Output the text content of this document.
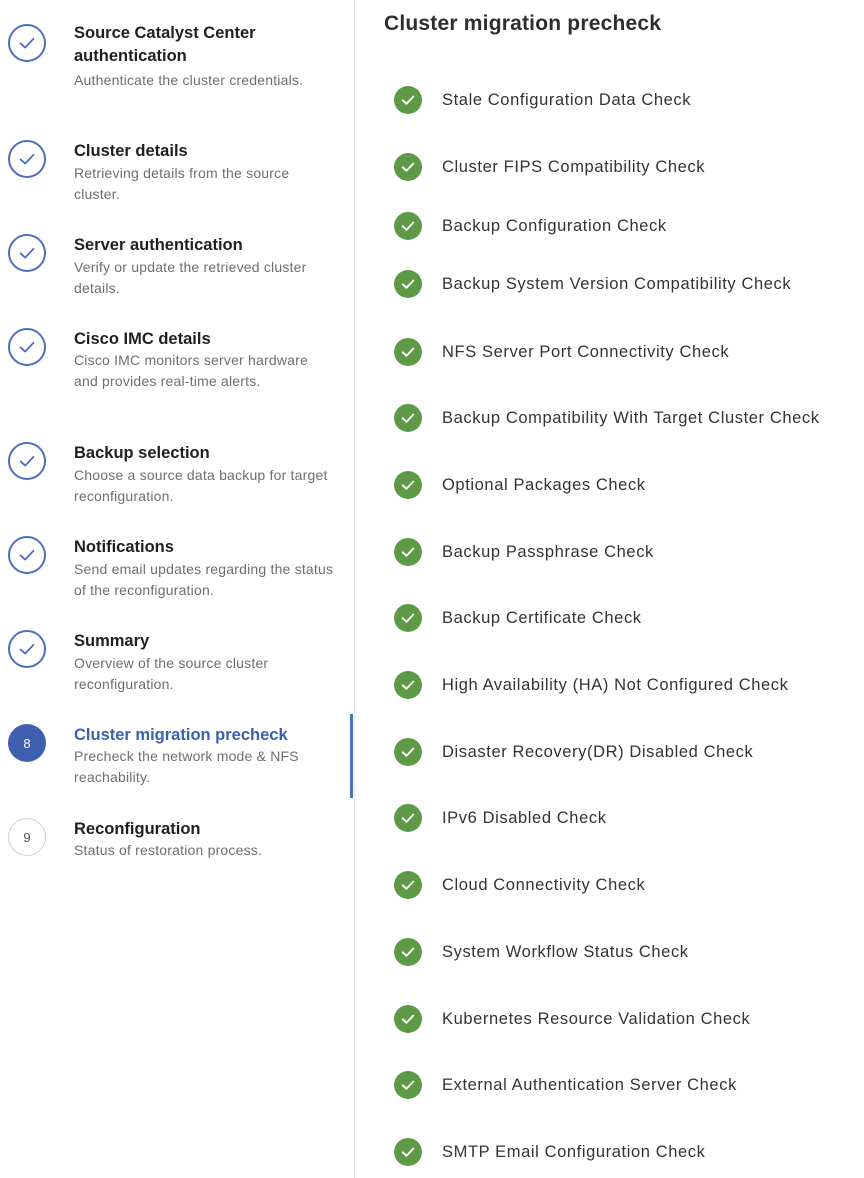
Source Catalyst Center authentication
Authenticate the cluster credentials.
Cluster details
Retrieving details from the source cluster.
Server authentication
Verify or update the retrieved cluster details.
Cisco IMC details
Cisco IMC monitors server hardware and provides real-time alerts.
Backup selection
Choose a source data backup for target reconfiguration.
Notifications
Send email updates regarding the status of the reconfiguration.
Summary
Overview of the source cluster reconfiguration.
8	Cluster migration precheck
Precheck the network mode & NFS reachability.
9	Reconfiguration
Status of restoration process.
Cluster migration precheck
Stale Configuration Data Check
Cluster FIPS Compatibility Check
Backup Configuration Check
Backup System Version Compatibility Check
NFS Server Port Connectivity Check
Backup Compatibility With Target Cluster Check
Optional Packages Check
Backup Passphrase Check
Backup Certificate Check
High Availability (HA) Not Configured Check
Disaster Recovery(DR) Disabled Check
IPv6 Disabled Check
Cloud Connectivity Check
System Workflow Status Check
Kubernetes Resource Validation Check
External Authentication Server Check
SMTP Email Configuration Check
